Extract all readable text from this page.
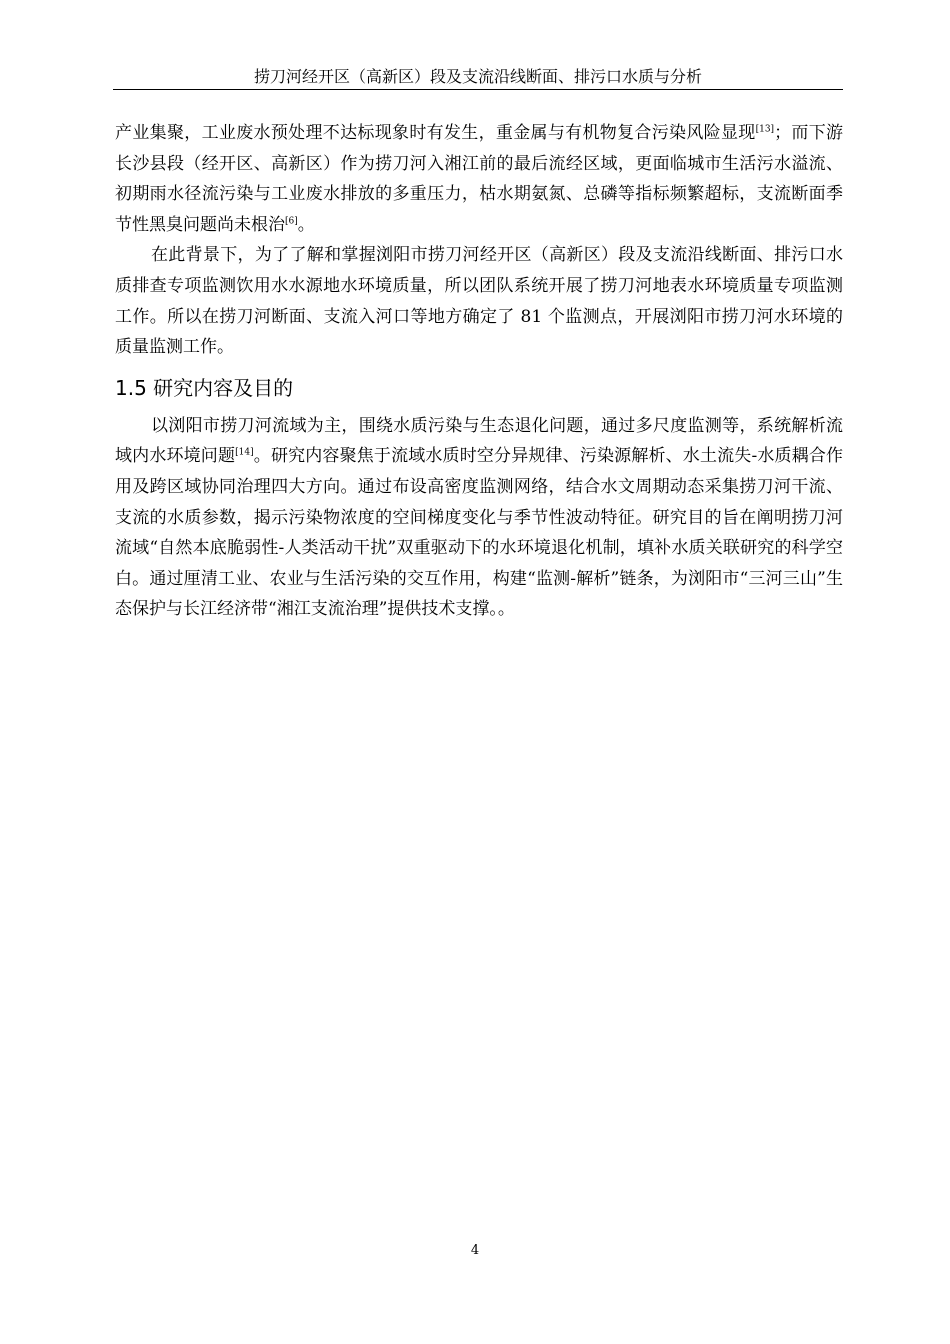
捞刀河经开区（高新区）段及支流沿线断面、排污口水质与分析

产业集聚，工业废水预处理不达标现象时有发生，重金属与有机物复合污染风险显现[13]；而下游长沙县段（经开区、高新区）作为捞刀河入湘江前的最后流经区域，更面临城市生活污水溢流、初期雨水径流污染与工业废水排放的多重压力，枯水期氨氮、总磷等指标频繁超标，支流断面季节性黑臭问题尚未根治[6]。

在此背景下，为了了解和掌握浏阳市捞刀河经开区（高新区）段及支流沿线断面、排污口水质排查专项监测饮用水水源地水环境质量，所以团队系统开展了捞刀河地表水环境质量专项监测工作。所以在捞刀河断面、支流入河口等地方确定了 81 个监测点，开展浏阳市捞刀河水环境的质量监测工作。

1.5 研究内容及目的

以浏阳市捞刀河流域为主，围绕水质污染与生态退化问题，通过多尺度监测等，系统解析流域内水环境问题[14]。研究内容聚焦于流域水质时空分异规律、污染源解析、水土流失-水质耦合作用及跨区域协同治理四大方向。通过布设高密度监测网络，结合水文周期动态采集捞刀河干流、支流的水质参数，揭示污染物浓度的空间梯度变化与季节性波动特征。研究目的旨在阐明捞刀河流域“自然本底脆弱性-人类活动干扰”双重驱动下的水环境退化机制，填补水质关联研究的科学空白。通过厘清工业、农业与生活污染的交互作用，构建“监测-解析”链条，为浏阳市“三河三山”生态保护与长江经济带“湘江支流治理”提供技术支撑。。

4
